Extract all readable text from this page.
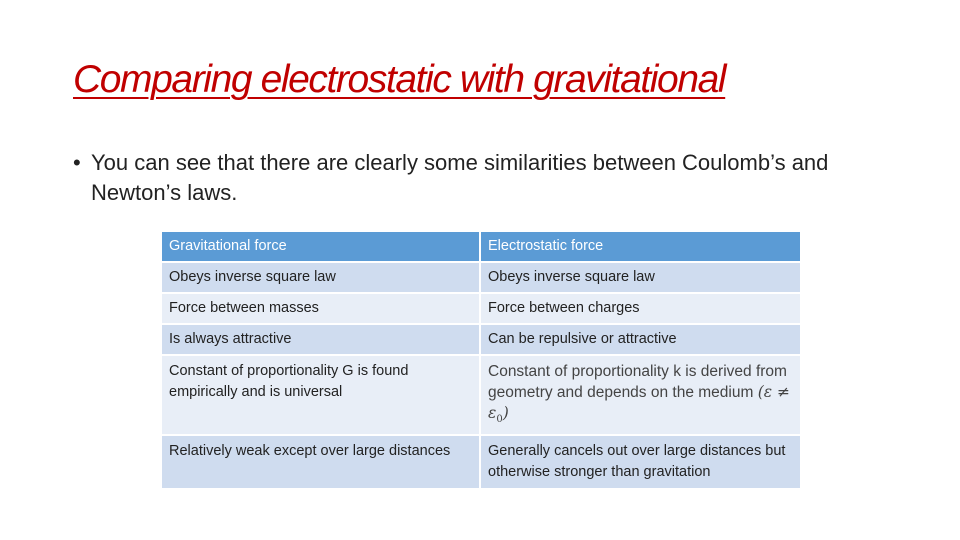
Comparing electrostatic with gravitational
• You can see that there are clearly some similarities between Coulomb’s and Newton’s laws.
Gravitational force	Electrostatic force
Obeys inverse square law	Obeys inverse square law
Force between masses	Force between charges
Is always attractive	Can be repulsive or attractive
Constant of proportionality G is found empirically and is universal	Constant of proportionality k is derived from geometry and depends on the medium $(\varepsilon \ne \varepsilon_0)$
Relatively weak except over large distances	Generally cancels out over large distances but otherwise stronger than gravitation
